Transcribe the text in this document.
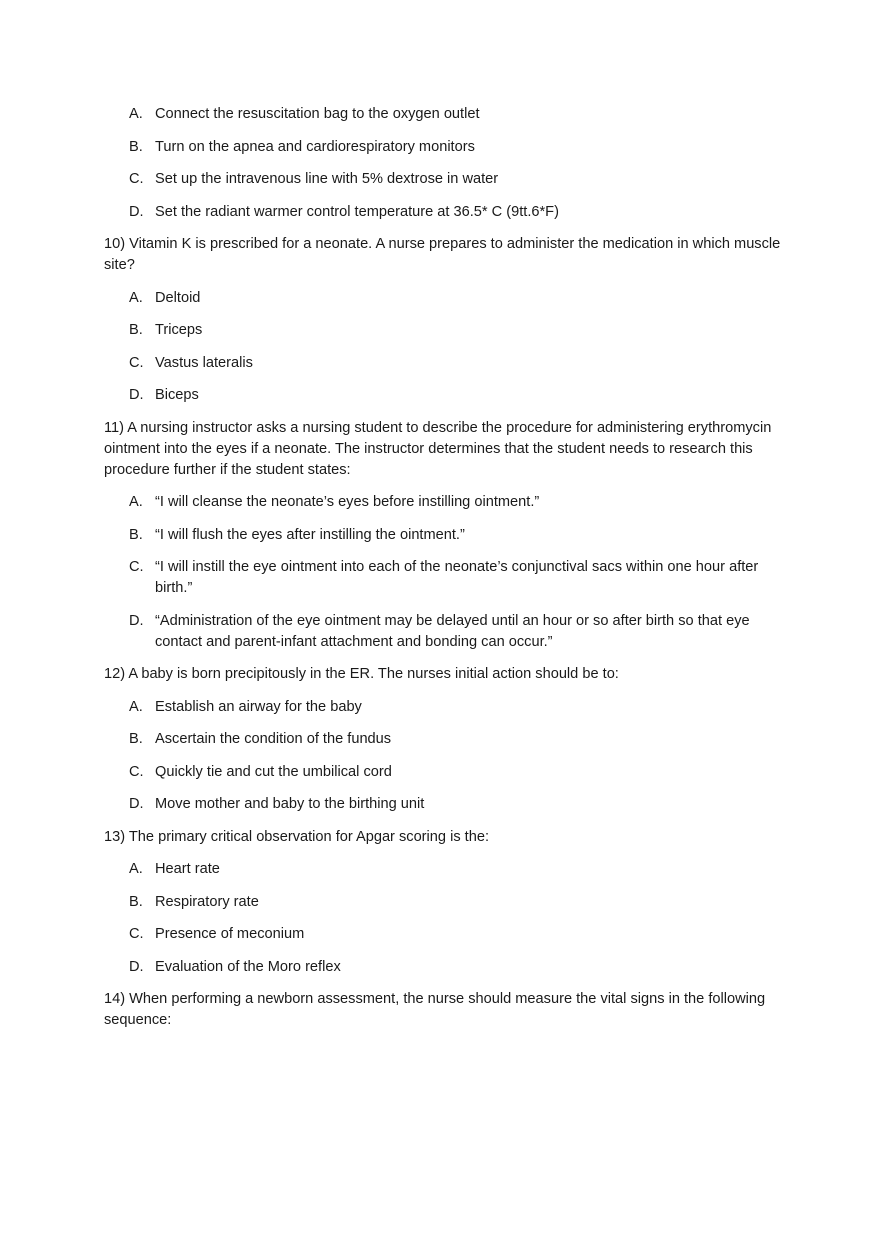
A. Connect the resuscitation bag to the oxygen outlet
B. Turn on the apnea and cardiorespiratory monitors
C. Set up the intravenous line with 5% dextrose in water
D. Set the radiant warmer control temperature at 36.5* C (9tt.6*F)

10) Vitamin K is prescribed for a neonate. A nurse prepares to administer the medication in which muscle site?

A. Deltoid
B. Triceps
C. Vastus lateralis
D. Biceps

11) A nursing instructor asks a nursing student to describe the procedure for administering erythromycin ointment into the eyes if a neonate. The instructor determines that the student needs to research this procedure further if the student states:

A. “I will cleanse the neonate’s eyes before instilling ointment.”
B. “I will flush the eyes after instilling the ointment.”
C. “I will instill the eye ointment into each of the neonate’s conjunctival sacs within one hour after birth.”
D. “Administration of the eye ointment may be delayed until an hour or so after birth so that eye contact and parent-infant attachment and bonding can occur.”

12) A baby is born precipitously in the ER. The nurses initial action should be to:

A. Establish an airway for the baby
B. Ascertain the condition of the fundus
C. Quickly tie and cut the umbilical cord
D. Move mother and baby to the birthing unit

13) The primary critical observation for Apgar scoring is the:

A. Heart rate
B. Respiratory rate
C. Presence of meconium
D. Evaluation of the Moro reflex

14) When performing a newborn assessment, the nurse should measure the vital signs in the following sequence:
